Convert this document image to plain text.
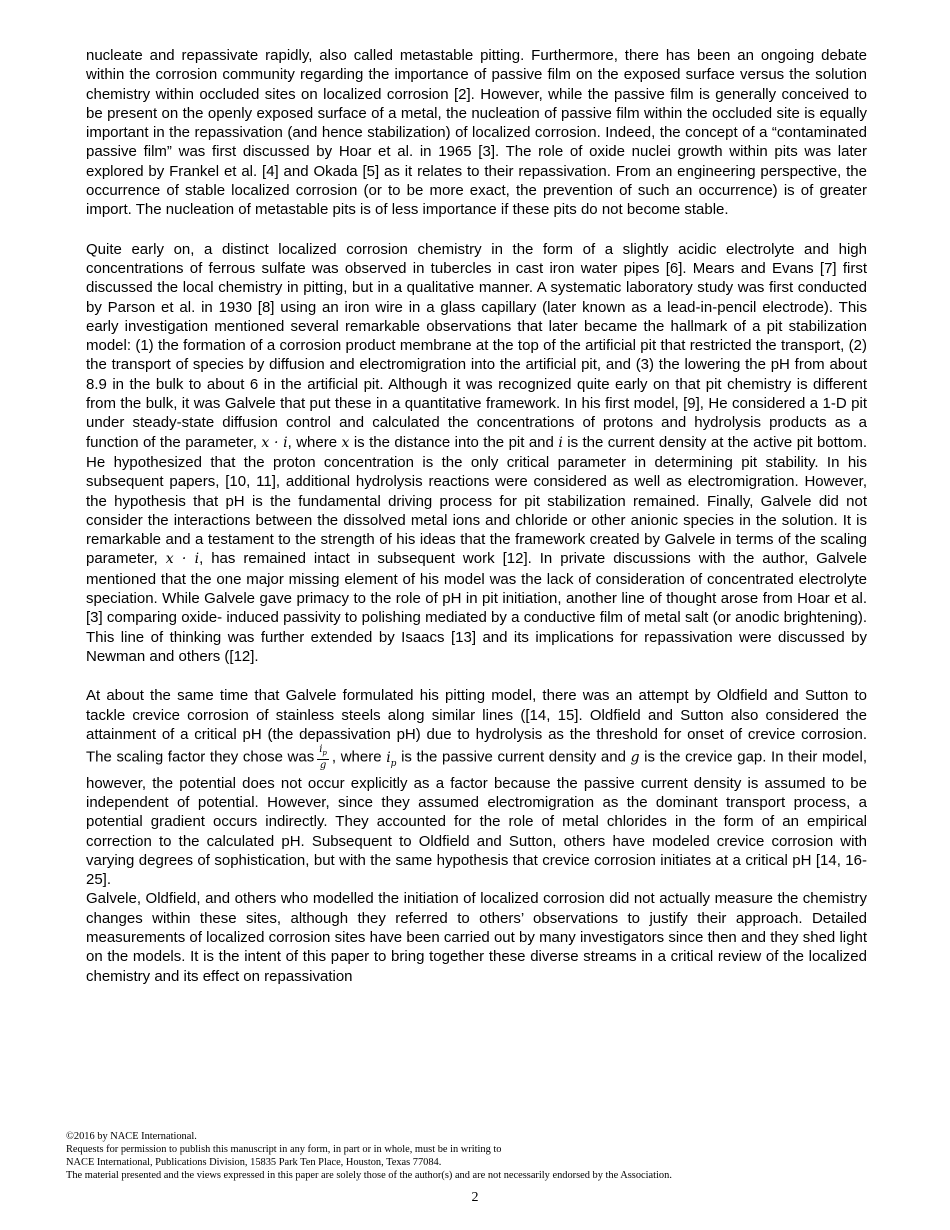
nucleate and repassivate rapidly, also called metastable pitting. Furthermore, there has been an ongoing debate within the corrosion community regarding the importance of passive film on the exposed surface versus the solution chemistry within occluded sites on localized corrosion [2]. However, while the passive film is generally conceived to be present on the openly exposed surface of a metal, the nucleation of passive film within the occluded site is equally important in the repassivation (and hence stabilization) of localized corrosion. Indeed, the concept of a “contaminated passive film” was first discussed by Hoar et al. in 1965 [3]. The role of oxide nuclei growth within pits was later explored by Frankel et al. [4] and Okada [5] as it relates to their repassivation. From an engineering perspective, the occurrence of stable localized corrosion (or to be more exact, the prevention of such an occurrence) is of greater import. The nucleation of metastable pits is of less importance if these pits do not become stable.

Quite early on, a distinct localized corrosion chemistry in the form of a slightly acidic electrolyte and high concentrations of ferrous sulfate was observed in tubercles in cast iron water pipes [6]. Mears and Evans [7] first discussed the local chemistry in pitting, but in a qualitative manner. A systematic laboratory study was first conducted by Parson et al. in 1930 [8] using an iron wire in a glass capillary (later known as a lead-in-pencil electrode). This early investigation mentioned several remarkable observations that later became the hallmark of a pit stabilization model: (1) the formation of a corrosion product membrane at the top of the artificial pit that restricted the transport, (2) the transport of species by diffusion and electromigration into the artificial pit, and (3) the lowering the pH from about 8.9 in the bulk to about 6 in the artificial pit. Although it was recognized quite early on that pit chemistry is different from the bulk, it was Galvele that put these in a quantitative framework. In his first model, [9], He considered a 1-D pit under steady-state diffusion control and calculated the concentrations of protons and hydrolysis products as a function of the parameter, x · i, where x is the distance into the pit and i is the current density at the active pit bottom. He hypothesized that the proton concentration is the only critical parameter in determining pit stability. In his subsequent papers, [10, 11], additional hydrolysis reactions were considered as well as electromigration. However, the hypothesis that pH is the fundamental driving process for pit stabilization remained. Finally, Galvele did not consider the interactions between the dissolved metal ions and chloride or other anionic species in the solution. It is remarkable and a testament to the strength of his ideas that the framework created by Galvele in terms of the scaling parameter, x · i, has remained intact in subsequent work [12]. In private discussions with the author, Galvele mentioned that the one major missing element of his model was the lack of consideration of concentrated electrolyte speciation. While Galvele gave primacy to the role of pH in pit initiation, another line of thought arose from Hoar et al. [3] comparing oxide- induced passivity to polishing mediated by a conductive film of metal salt (or anodic brightening). This line of thinking was further extended by Isaacs [13] and its implications for repassivation were discussed by Newman and others ([12].

At about the same time that Galvele formulated his pitting model, there was an attempt by Oldfield and Sutton to tackle crevice corrosion of stainless steels along similar lines ([14, 15]. Oldfield and Sutton also considered the attainment of a critical pH (the depassivation pH) due to hydrolysis as the threshold for onset of crevice corrosion. The scaling factor they chose was $\frac{i_p}{g}$ , where $i_p$ is the passive current density and g is the crevice gap. In their model, however, the potential does not occur explicitly as a factor because the passive current density is assumed to be independent of potential. However, since they assumed electromigration as the dominant transport process, a potential gradient occurs indirectly. They accounted for the role of metal chlorides in the form of an empirical correction to the calculated pH. Subsequent to Oldfield and Sutton, others have modeled crevice corrosion with varying degrees of sophistication, but with the same hypothesis that crevice corrosion initiates at a critical pH [14, 16-25].

Galvele, Oldfield, and others who modelled the initiation of localized corrosion did not actually measure the chemistry changes within these sites, although they referred to others’ observations to justify their approach. Detailed measurements of localized corrosion sites have been carried out by many investigators since then and they shed light on the models. It is the intent of this paper to bring together these diverse streams in a critical review of the localized chemistry and its effect on repassivation

©2016 by NACE International.
Requests for permission to publish this manuscript in any form, in part or in whole, must be in writing to
NACE International, Publications Division, 15835 Park Ten Place, Houston, Texas 77084.
The material presented and the views expressed in this paper are solely those of the author(s) and are not necessarily endorsed by the Association.
2
